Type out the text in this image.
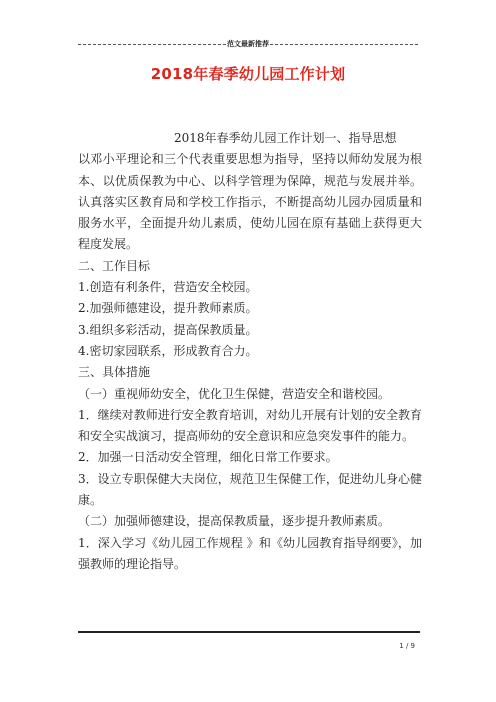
范文最新推荐
2018年春季幼儿园工作计划

2018年春季幼儿园工作计划一、指导思想

以邓小平理论和三个代表重要思想为指导，坚持以师幼发展为根本、以优质保教为中心、以科学管理为保障，规范与发展并举。认真落实区教育局和学校工作指示，不断提高幼儿园办园质量和服务水平，全面提升幼儿素质，使幼儿园在原有基础上获得更大程度发展。

二、工作目标

1.创造有利条件，营造安全校园。

2.加强师德建设，提升教师素质。

3.组织多彩活动，提高保教质量。

4.密切家园联系，形成教育合力。

三、具体措施

（一）重视师幼安全，优化卫生保健，营造安全和谐校园。

1．继续对教师进行安全教育培训，对幼儿开展有计划的安全教育和安全实战演习，提高师幼的安全意识和应急突发事件的能力。

2．加强一日活动安全管理，细化日常工作要求。

3．设立专职保健大夫岗位，规范卫生保健工作，促进幼儿身心健康。

（二）加强师德建设，提高保教质量，逐步提升教师素质。

1．深入学习《幼儿园工作规程 》和《幼儿园教育指导纲要》，加强教师的理论指导。

1 / 9
